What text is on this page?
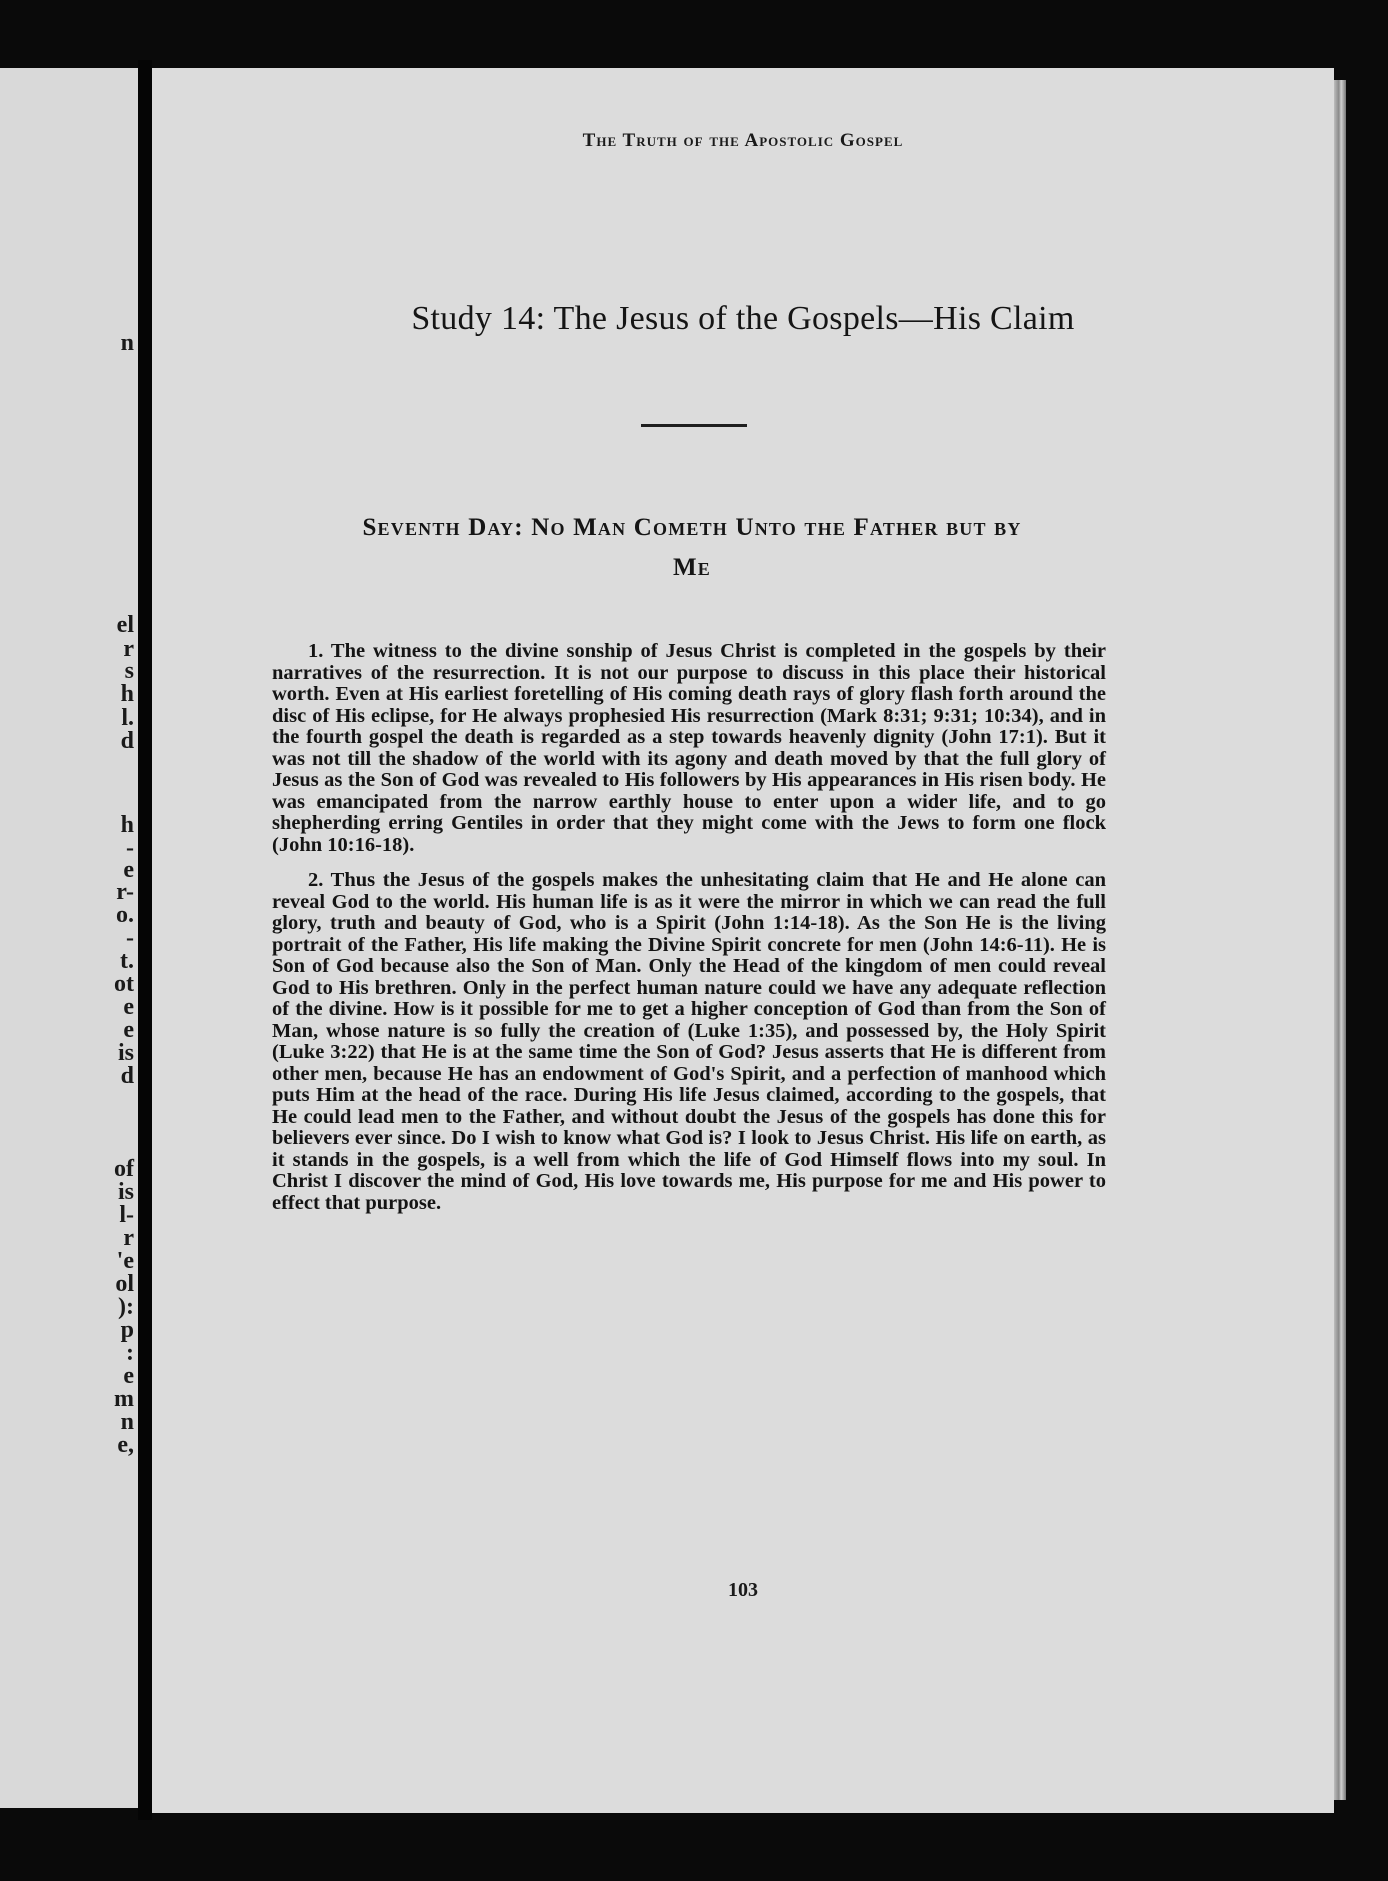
n
el
r
s
h
l.
d
h
-
e
r-
o.
-
t.
ot
e
e
is
d
of
is
l-
r
'e
ol
):
p
:
e
m
n
e,
The Truth of the Apostolic Gospel
Study 14: The Jesus of the Gospels—His Claim
Seventh Day: No Man Cometh Unto the Father but by
Me

1. The witness to the divine sonship of Jesus Christ is completed in the gospels by their narratives of the resurrection. It is not our purpose to discuss in this place their historical worth. Even at His earliest foretelling of His coming death rays of glory flash forth around the disc of His eclipse, for He always prophesied His resurrection (Mark 8:31; 9:31; 10:34), and in the fourth gospel the death is regarded as a step towards heavenly dignity (John 17:1). But it was not till the shadow of the world with its agony and death moved by that the full glory of Jesus as the Son of God was revealed to His followers by His appearances in His risen body. He was emancipated from the narrow earthly house to enter upon a wider life, and to go shepherding erring Gentiles in order that they might come with the Jews to form one flock (John 10:16-18).

2. Thus the Jesus of the gospels makes the unhesitating claim that He and He alone can reveal God to the world. His human life is as it were the mirror in which we can read the full glory, truth and beauty of God, who is a Spirit (John 1:14-18). As the Son He is the living portrait of the Father, His life making the Divine Spirit concrete for men (John 14:6-11). He is Son of God because also the Son of Man. Only the Head of the kingdom of men could reveal God to His brethren. Only in the perfect human nature could we have any adequate reflection of the divine. How is it possible for me to get a higher conception of God than from the Son of Man, whose nature is so fully the creation of (Luke 1:35), and possessed by, the Holy Spirit (Luke 3:22) that He is at the same time the Son of God? Jesus asserts that He is different from other men, because He has an endowment of God's Spirit, and a perfection of manhood which puts Him at the head of the race. During His life Jesus claimed, according to the gospels, that He could lead men to the Father, and without doubt the Jesus of the gospels has done this for believers ever since. Do I wish to know what God is? I look to Jesus Christ. His life on earth, as it stands in the gospels, is a well from which the life of God Himself flows into my soul. In Christ I discover the mind of God, His love towards me, His purpose for me and His power to effect that purpose.

103
